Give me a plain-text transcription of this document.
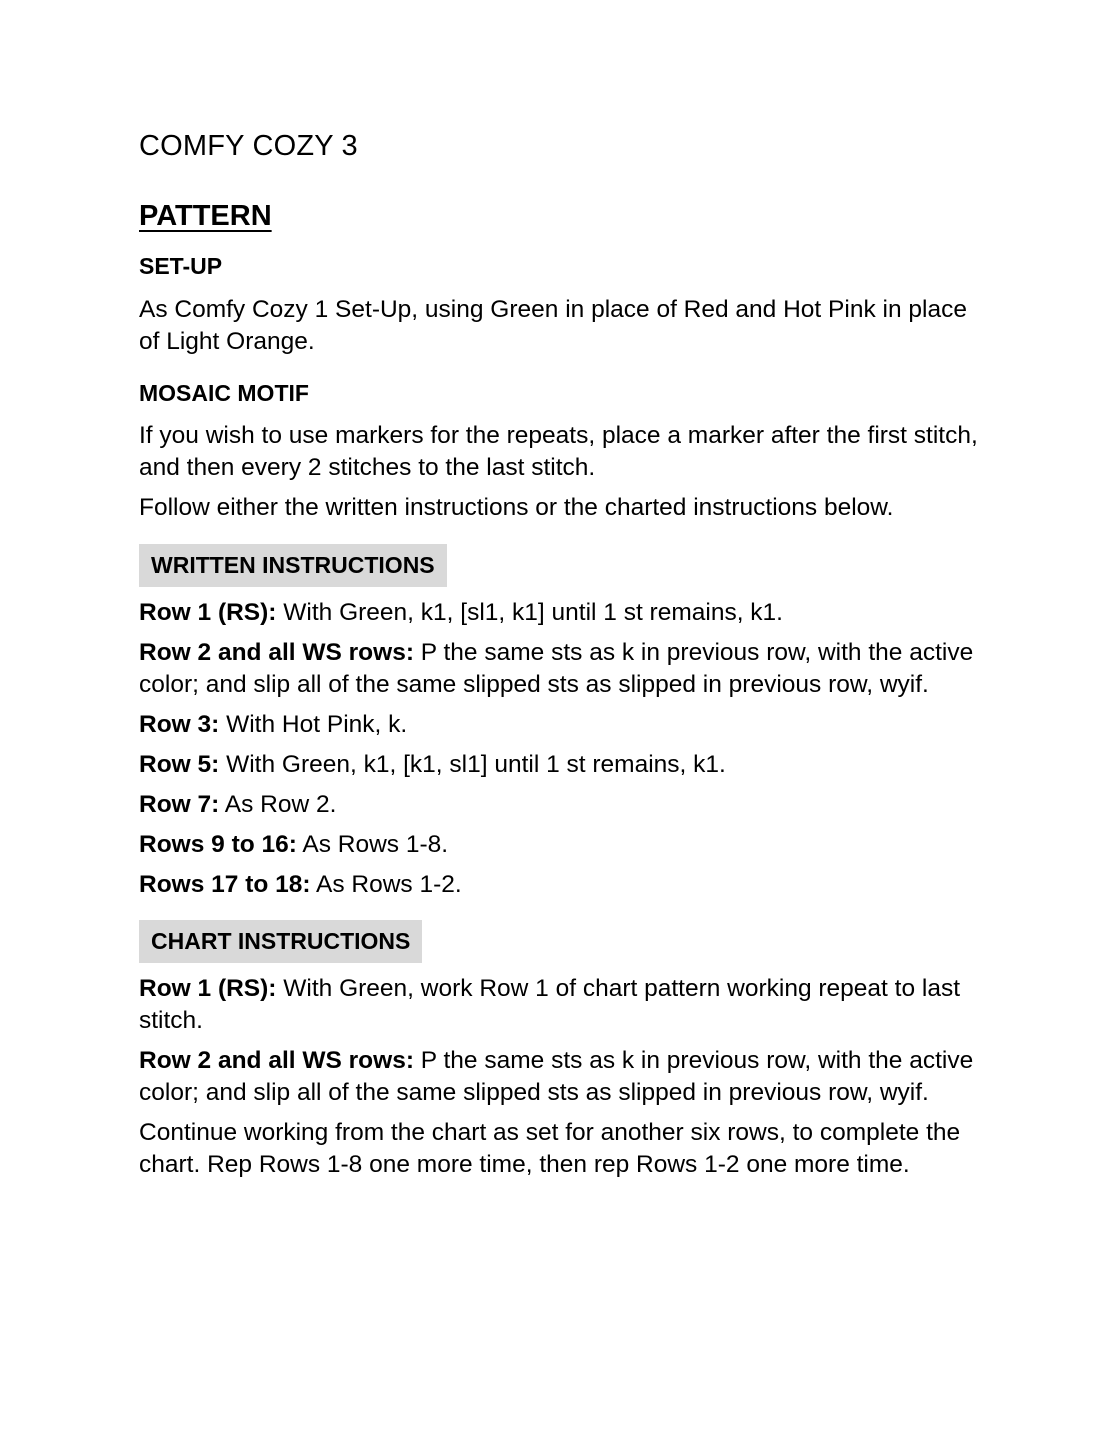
COMFY COZY 3
PATTERN
SET-UP

As Comfy Cozy 1 Set-Up, using Green in place of Red and Hot Pink in place of Light Orange.

MOSAIC MOTIF

If you wish to use markers for the repeats, place a marker after the first stitch, and then every 2 stitches to the last stitch.

Follow either the written instructions or the charted instructions below.

WRITTEN INSTRUCTIONS

Row 1 (RS): With Green, k1, [sl1, k1] until 1 st remains, k1.

Row 2 and all WS rows: P the same sts as k in previous row, with the active color; and slip all of the same slipped sts as slipped in previous row, wyif.

Row 3: With Hot Pink, k.

Row 5: With Green, k1, [k1, sl1] until 1 st remains, k1.

Row 7: As Row 2.

Rows 9 to 16: As Rows 1-8.

Rows 17 to 18: As Rows 1-2.

CHART INSTRUCTIONS

Row 1 (RS): With Green, work Row 1 of chart pattern working repeat to last stitch.

Row 2 and all WS rows: P the same sts as k in previous row, with the active color; and slip all of the same slipped sts as slipped in previous row, wyif.

Continue working from the chart as set for another six rows, to complete the chart. Rep Rows 1-8 one more time, then rep Rows 1-2 one more time.
